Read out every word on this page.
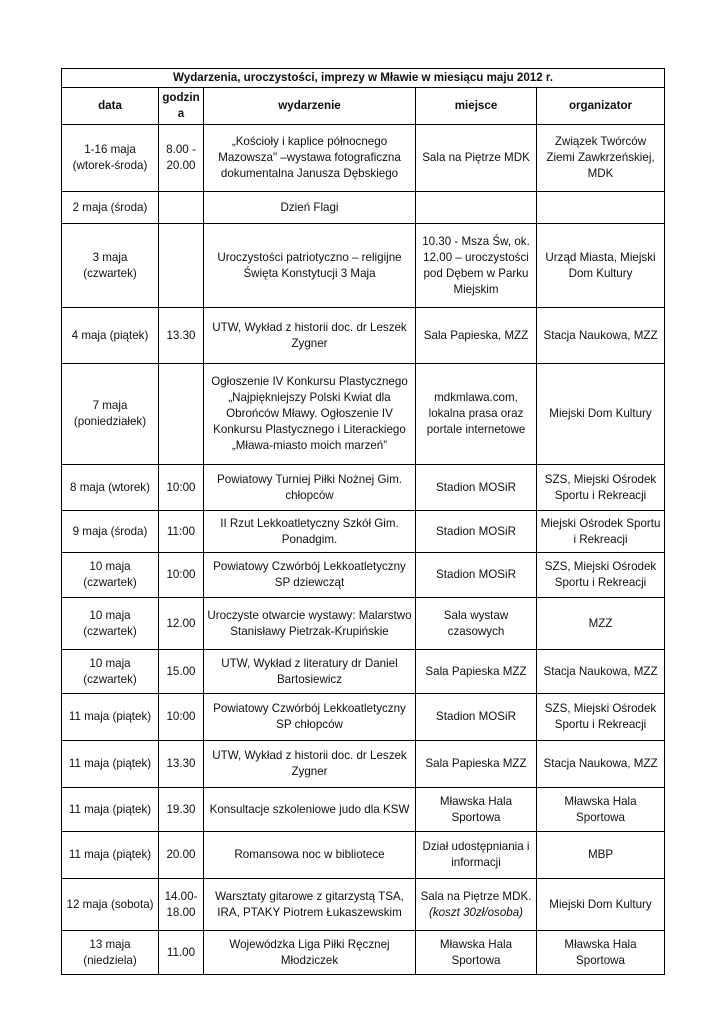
Wydarzenia, uroczystości, imprezy w Mławie w miesiącu maju 2012 r.				
data	godzin a	wydarzenie	miejsce	organizator
1-16 maja (wtorek-środa)	8.00 - 20.00	„Kościoły i kaplice północnego Mazowsza" –wystawa fotograficzna dokumentalna Janusza Dębskiego	Sala na Piętrze MDK	Związek Twórców Ziemi Zawkrzeńskiej, MDK
2 maja (środa)		Dzień Flagi		
3 maja (czwartek)		Uroczystości patriotyczno – religijne Święta Konstytucji 3 Maja	10.30 - Msza Św, ok. 12.00 – uroczystości pod Dębem w Parku Miejskim	Urząd Miasta, Miejski Dom Kultury
4 maja (piątek)	13.30	UTW, Wykład z historii doc. dr Leszek Zygner	Sala Papieska, MZZ	Stacja Naukowa, MZZ
7 maja (poniedziałek)		Ogłoszenie IV Konkursu Plastycznego „Najpiękniejszy Polski Kwiat dla Obrońców Mławy. Ogłoszenie IV Konkursu Plastycznego i Literackiego „Mława-miasto moich marzeń”	mdkmlawa.com, lokalna prasa oraz portale internetowe	Miejski Dom Kultury
8 maja (wtorek)	10:00	Powiatowy Turniej Piłki Nożnej Gim. chłopców	Stadion MOSiR	SZS, Miejski Ośrodek Sportu i Rekreacji
9 maja (środa)	11:00	II Rzut Lekkoatletyczny Szkół Gim. Ponadgim.	Stadion MOSiR	Miejski Ośrodek Sportu i Rekreacji
10 maja (czwartek)	10:00	Powiatowy Czwórbój Lekkoatletyczny SP dziewcząt	Stadion MOSiR	SZS, Miejski Ośrodek Sportu i Rekreacji
10 maja (czwartek)	12.00	Uroczyste otwarcie wystawy: Malarstwo Stanisławy Pietrzak-Krupińskie	Sala wystaw czasowych	MZZ
10 maja (czwartek)	15.00	UTW, Wykład z literatury dr Daniel Bartosiewicz	Sala Papieska MZZ	Stacja Naukowa, MZZ
11 maja (piątek)	10:00	Powiatowy Czwórbój Lekkoatletyczny SP chłopców	Stadion MOSiR	SZS, Miejski Ośrodek Sportu i Rekreacji
11 maja (piątek)	13.30	UTW, Wykład z historii doc. dr Leszek Zygner	Sala Papieska MZZ	Stacja Naukowa, MZZ
11 maja (piątek)	19.30	Konsultacje szkoleniowe judo dla KSW	Mławska Hala Sportowa	Mławska Hala Sportowa
11 maja (piątek)	20.00	Romansowa noc w bibliotece	Dział udostępniania i informacji	MBP
12 maja (sobota)	14.00-18.00	Warsztaty gitarowe z gitarzystą TSA, IRA, PTAKY Piotrem Łukaszewskim	Sala na Piętrze MDK.(koszt 30zł/osoba)	Miejski Dom Kultury
13 maja (niedziela)	11.00	Wojewódzka Liga Piłki Ręcznej Młodziczek	Mławska Hala Sportowa	Mławska Hala Sportowa
